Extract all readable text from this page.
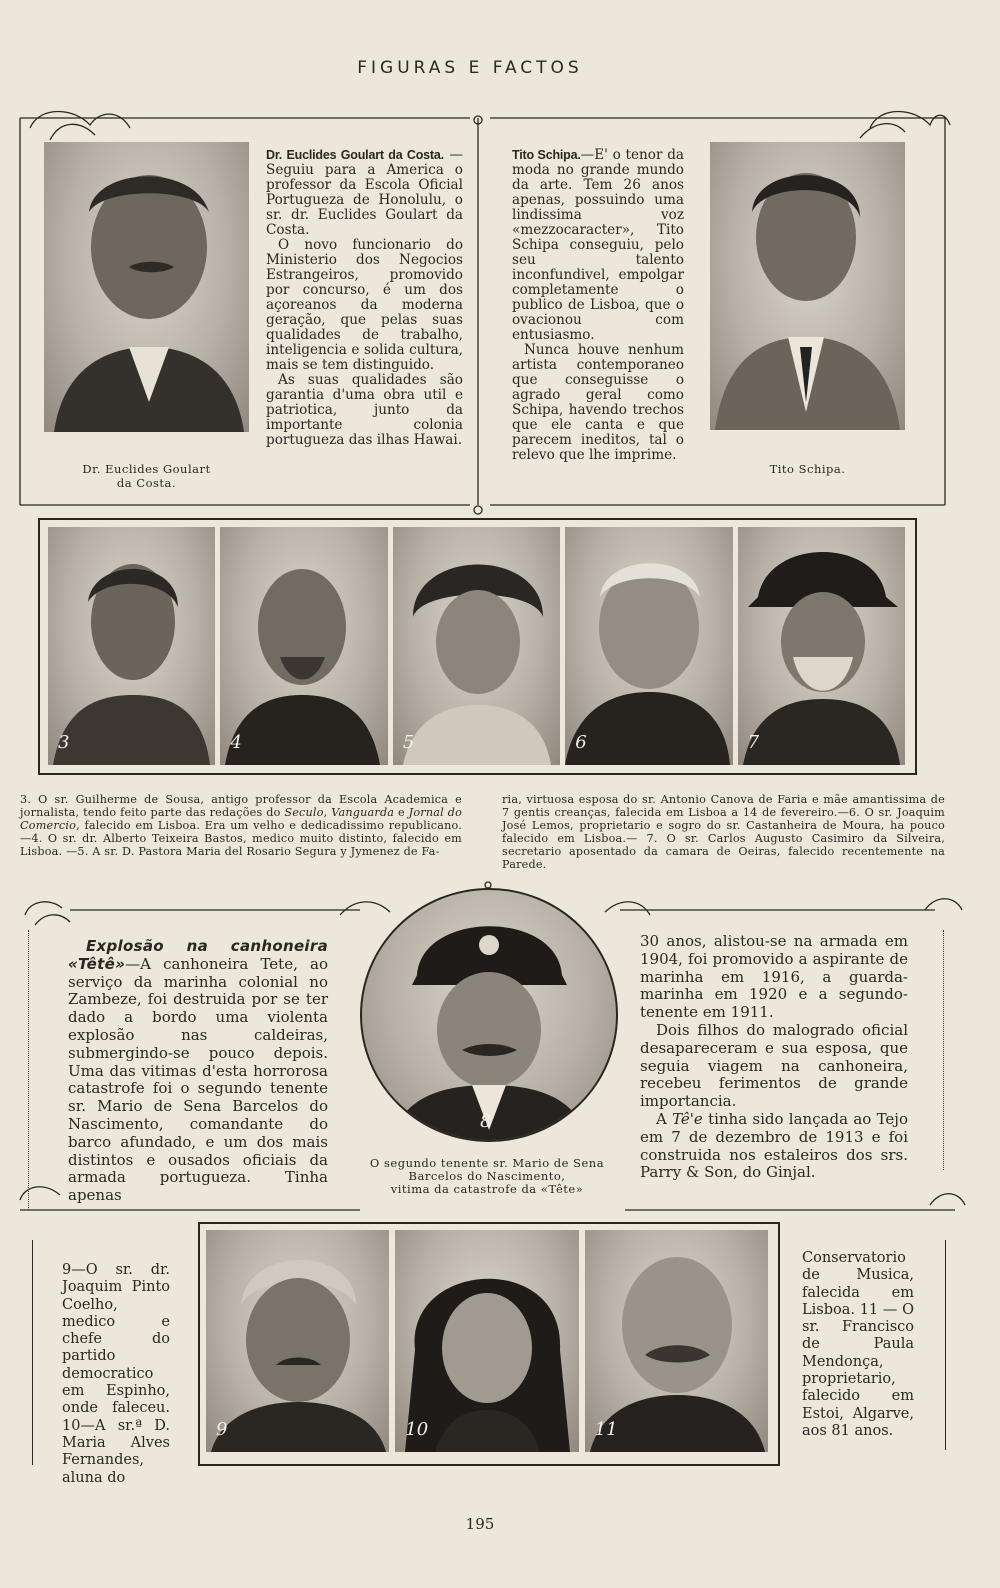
FIGURAS E FACTOS
Dr. Euclides Goulart
da Costa.

Dr. Euclides Goulart da Costa. — Seguiu para a America o professor da Escola Oficial Portugueza de Honolulu, o sr. dr. Euclides Goulart da Costa.

O novo funcionario do Ministerio dos Negocios Estrangeiros, promovido por concurso, é um dos açoreanos da moderna geração, que pelas suas qualidades de trabalho, inteligencia e solida cultura, mais se tem distinguido.

As suas qualidades são garantia d'uma obra util e patriotica, junto da importante colonia portugueza das ilhas Hawai.

Tito Schipa.—E' o tenor da moda no grande mundo da arte. Tem 26 anos apenas, possuindo uma lindissima voz «mezzocaracter», Tito Schipa conseguiu, pelo seu talento inconfundivel, empolgar completamente o publico de Lisboa, que o ovacionou com entusiasmo.

Nunca houve nenhum artista contemporaneo que conseguisse o agrado geral como Schipa, havendo trechos que ele canta e que parecem ineditos, tal o relevo que lhe imprime.

Tito Schipa.
3	4	5	6	7
3. O sr. Guilherme de Sousa, antigo professor da Escola Academica e jornalista, tendo feito parte das redações do Seculo, Vanguarda e Jornal do Comercio, falecido em Lisboa. Era um velho e dedicadissimo republicano.—4. O sr. dr. Alberto Teixeira Bastos, medico muito distinto, falecido em Lisboa. —5. A sr. D. Pastora Maria del Rosario Segura y Jymenez de Fa-
ria, virtuosa esposa do sr. Antonio Canova de Faria e mãe amantissima de 7 gentis creanças, falecida em Lisboa a 14 de fevereiro.—6. O sr. Joaquim José Lemos, proprietario e sogro do sr. Castanheira de Moura, ha pouco falecido em Lisboa.— 7. O sr. Carlos Augusto Casimiro da Silveira, secretario aposentado da camara de Oeiras, falecido recentemente na Parede.

Explosão na canhoneira «Têtê»—A canhoneira Tete, ao serviço da marinha colonial no Zambeze, foi destruida por se ter dado a bordo uma violenta explosão nas caldeiras, submergindo-se pouco depois. Uma das vitimas d'esta horrorosa catastrofe foi o segundo tenente sr. Mario de Sena Barcelos do Nascimento, comandante do barco afundado, e um dos mais distintos e ousados oficiais da armada portugueza. Tinha apenas

8
O segundo tenente sr. Mario de Sena
Barcelos do Nascimento,
vitima da catastrofe da «Tête»

30 anos, alistou-se na armada em 1904, foi promovido a aspirante de marinha em 1916, a guarda-marinha em 1920 e a segundo-tenente em 1911.

Dois filhos do malogrado oficial desapareceram e sua esposa, que seguia viagem na canhoneira, recebeu ferimentos de grande importancia.

A Tê'e tinha sido lançada ao Tejo em 7 de dezembro de 1913 e foi construida nos estaleiros dos srs. Parry & Son, do Ginjal.

9	10	11
9—O sr. dr. Joaquim Pinto Coelho, medico e chefe do partido democratico em Espinho, onde faleceu. 10—A sr.ª D. Maria Alves Fernandes, aluna do
Conservatorio de Musica, falecida em Lisboa. 11 — O sr. Francisco de Paula Mendonça, proprietario, falecido em Estoi, Algarve, aos 81 anos.
195
